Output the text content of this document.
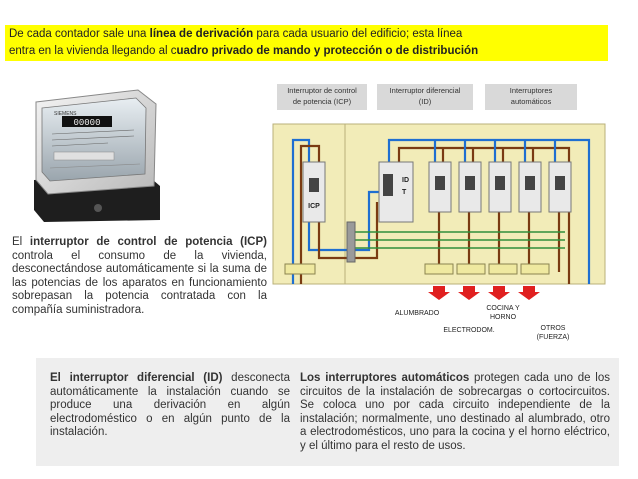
De cada contador sale una línea de derivación para cada usuario del edificio; esta línea
entra en la vivienda llegando al cuadro privado de mando y protección o de distribución
00000
SIEMENS
El interruptor de control de potencia (ICP) controla el consumo de la vivienda, desconectándose automáticamente si la suma de las potencias de los aparatos en funcionamiento sobrepasan la potencia contratada con la compañía suministradora.
Interruptor de control
de potencia (ICP)
Interruptor diferencial
(ID)
Interruptores
automáticos
ICP
ID
T
ALUMBRADO
COCINA Y
HORNO
ELECTRODOM.	OTROS
(FUERZA)
El interruptor diferencial (ID) desconecta automáticamente la instalación cuando se produce una derivación en algún electrodoméstico o en algún punto de la instalación.
Los interruptores automáticos protegen cada uno de los circuitos de la instalación de sobrecargas o cortocircuitos. Se coloca uno por cada circuito independiente de la instalación; normalmente, uno destinado al alumbrado, otro a electrodomésticos, uno para la cocina y el horno eléctrico, y el último para el resto de usos.
